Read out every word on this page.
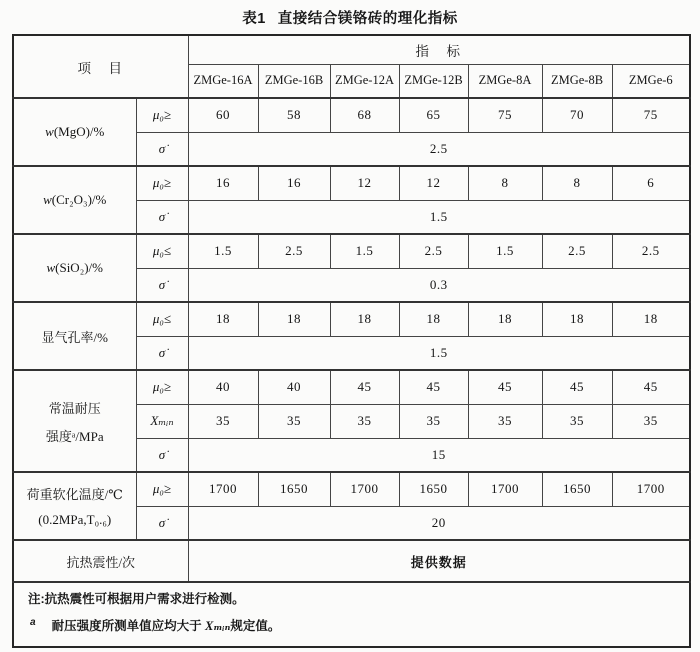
表1 直接结合镁铬砖的理化指标
项　目		指　标						
		ZMGe-16A	ZMGe-16B	ZMGe-12A	ZMGe-12B	ZMGe-8A	ZMGe-8B	ZMGe-6
w(MgO)/%	μ₀≥	60	58	68	65	75	70	75
	σ̇	2.5						
w(Cr₂O₃)/%	μ₀≥	16	16	12	12	8	8	6
	σ̇	1.5						
w(SiO₂)/%	μ₀≤	1.5	2.5	1.5	2.5	1.5	2.5	2.5
	σ̇	0.3						
显气孔率/%	μ₀≤	18	18	18	18	18	18	18
	σ̇	1.5						

常温耐压
强度ᵃ/MPa	μ₀≥	40	40	45	45	45	45	45
	Xₘᵢₙ	35	35	35	35	35	35	35
	σ̇	15						

荷重软化温度/℃
(0.2MPa,T₀.₆)	μ₀≥	1700	1650	1700	1650	1700	1650	1700
	σ̇	20						
抗热震性/次		提供数据						

注:抗热震性可根据用户需求进行检测。
$^a$ 耐压强度所测单值应均大于 Xₘᵢₙ规定值。								
